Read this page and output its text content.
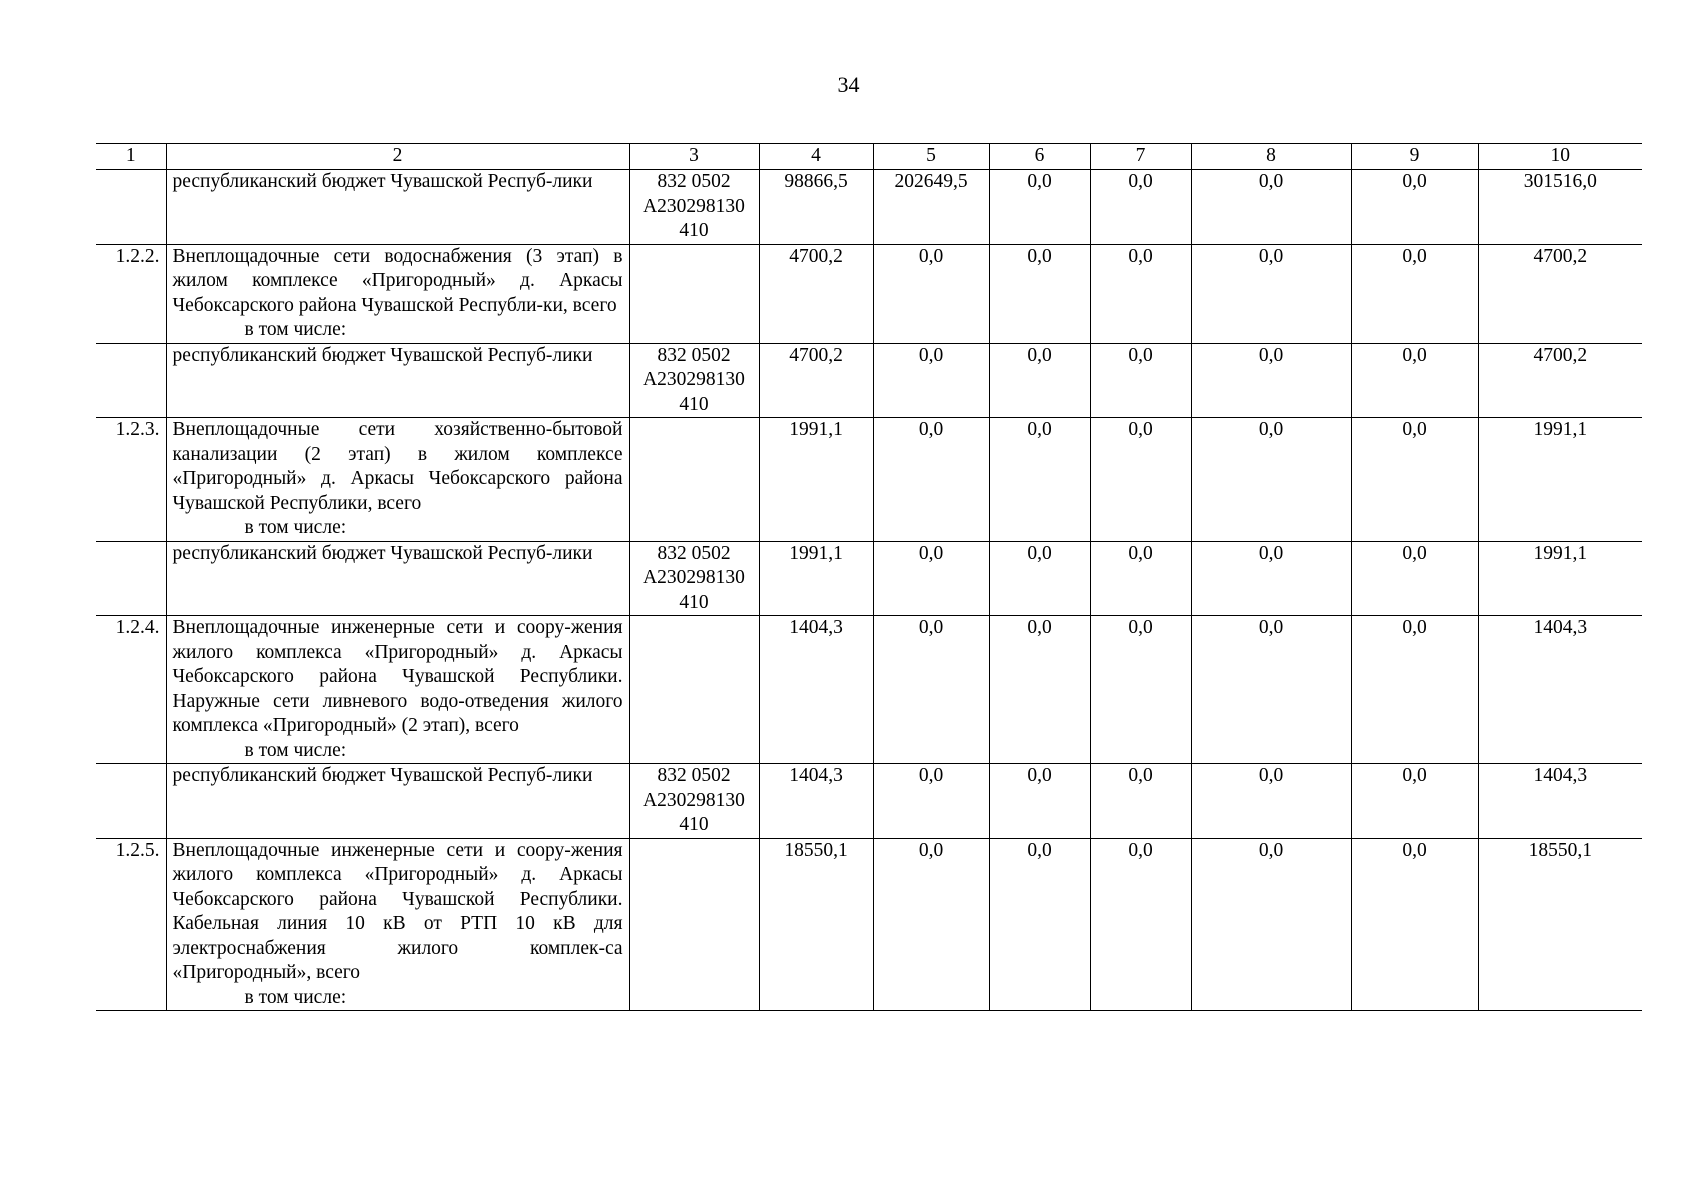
34
1	2	3	4	5	6	7	8	9	10

	республиканский бюджет Чувашской Респуб-лики	832 0502
А230298130
410	98866,5	202649,5	0,0	0,0	0,0	0,0	301516,0
1.2.2.	Внеплощадочные сети водоснабжения (3 этап) в жилом комплексе «Пригородный» д. Аркасы Чебоксарского района Чувашской Республи-ки, всего
в том числе:		4700,2	0,0	0,0	0,0	0,0	0,0	4700,2

	республиканский бюджет Чувашской Респуб-лики	832 0502
А230298130
410	4700,2	0,0	0,0	0,0	0,0	0,0	4700,2
1.2.3.	Внеплощадочные сети хозяйственно-бытовой канализации (2 этап) в жилом комплексе «Пригородный» д. Аркасы Чебоксарского района Чувашской Республики, всего
в том числе:		1991,1	0,0	0,0	0,0	0,0	0,0	1991,1

	республиканский бюджет Чувашской Респуб-лики	832 0502
А230298130
410	1991,1	0,0	0,0	0,0	0,0	0,0	1991,1
1.2.4.	Внеплощадочные инженерные сети и соору-жения жилого комплекса «Пригородный» д. Аркасы Чебоксарского района Чувашской Республики. Наружные сети ливневого водо-отведения жилого комплекса «Пригородный» (2 этап), всего
в том числе:		1404,3	0,0	0,0	0,0	0,0	0,0	1404,3

	республиканский бюджет Чувашской Респуб-лики	832 0502
А230298130
410	1404,3	0,0	0,0	0,0	0,0	0,0	1404,3
1.2.5.	Внеплощадочные инженерные сети и соору-жения жилого комплекса «Пригородный» д. Аркасы Чебоксарского района Чувашской Республики. Кабельная линия 10 кВ от РТП 10 кВ для электроснабжения жилого комплек-са «Пригородный», всего
в том числе:		18550,1	0,0	0,0	0,0	0,0	0,0	18550,1
